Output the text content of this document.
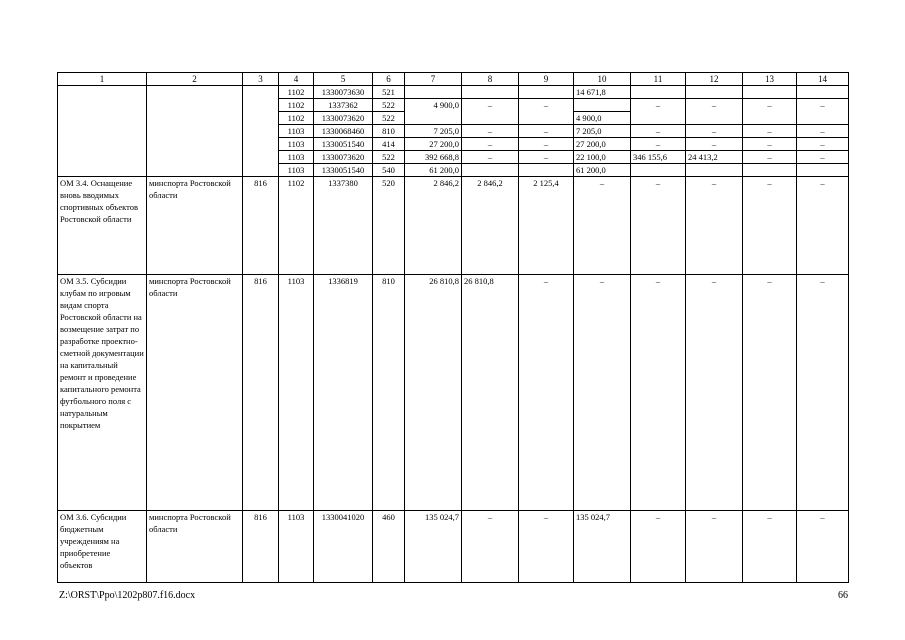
1	2	3	4	5	6	7	8	9	10	11	12	13	14
			1102	1330073630	521				14 671,8				
			1102	1337362	522	4 900,0	–	–		–	–	–	–
			1102	1330073620	522				4 900,0				
			1103	1330068460	810	7 205,0	–	–	7 205,0	–	–	–	–
			1103	1330051540	414	27 200,0	–	–	27 200,0	–	–	–	–
			1103	1330073620	522	392 668,8	–	–	22 100,0	346 155,6	24 413,2	–	–
			1103	1330051540	540	61 200,0			61 200,0				
ОМ 3.4. Оснащение вновь вводимых спортивных объектов Ростовской области	минспорта Ростовской области	816	1102	1337380	520	2 846,2	2 846,2	2 125,4	–	–	–	–	–
ОМ 3.5. Субсидии клубам по игровым видам спорта Ростовской области на возмещение затрат по разработке проектно-сметной документации на капитальный ремонт и проведение капитального ремонта футбольного поля с натуральным покрытием	минспорта Ростовской области	816	1103	1336819	810	26 810,8	26 810,8	–	–	–	–	–	–
ОМ 3.6. Субсидии бюджетным учреждениям на приобретение объектов	минспорта Ростовской области	816	1103	1330041020	460	135 024,7	–	–	135 024,7	–	–	–	–
Z:\ORST\Ppo\1202p807.f16.docx	66
